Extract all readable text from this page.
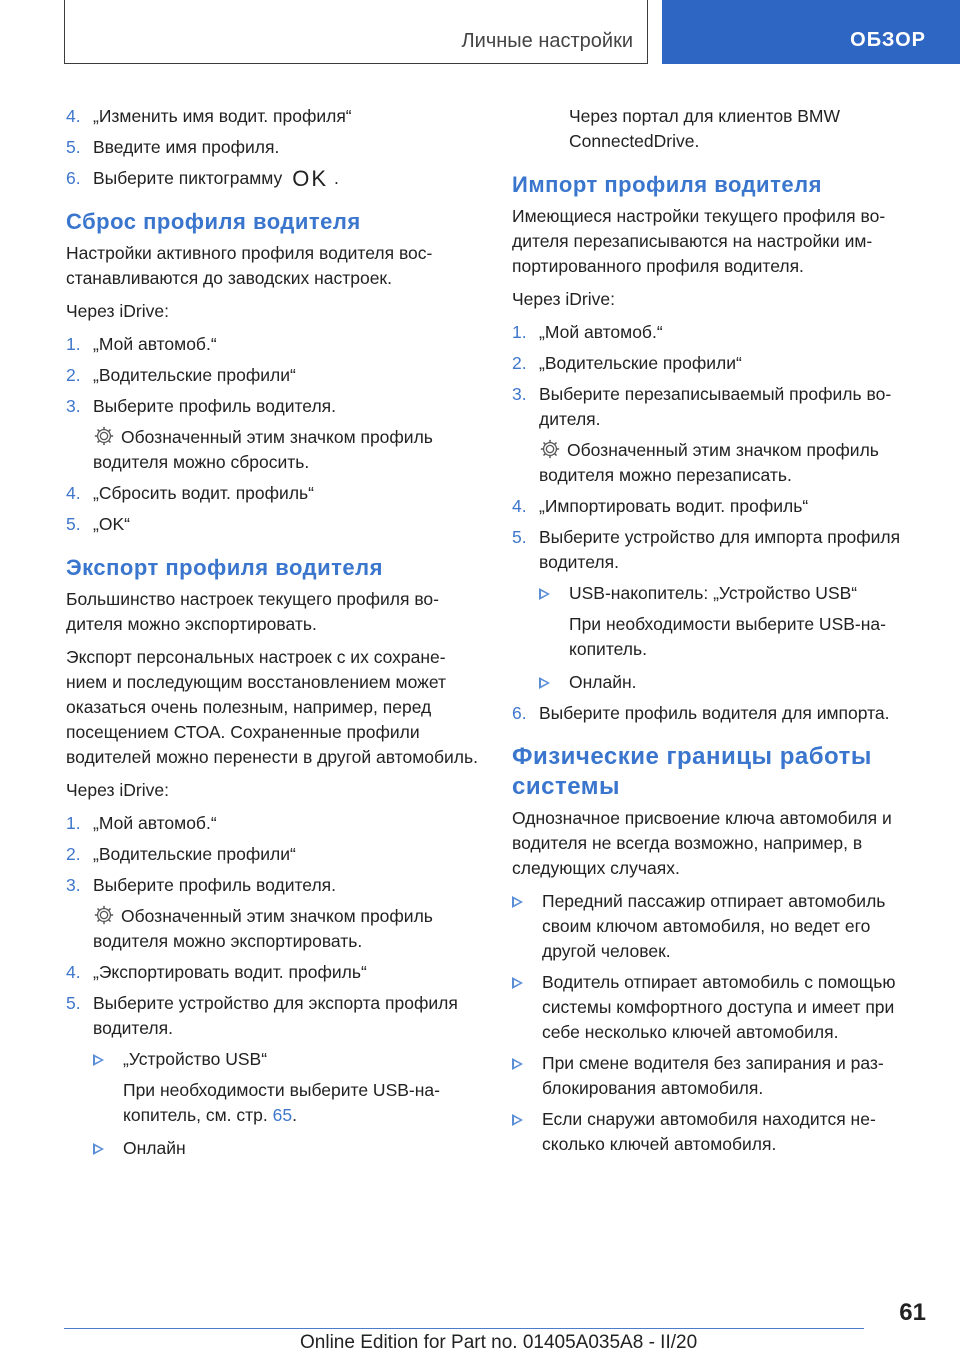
Личные настройки	ОБЗОР
4. „Изменить имя водит. профиля“
5. Введите имя профиля.
6. Выберите пиктограмму OK .
Сброс профиля водителя
Настройки активного профиля водителя восстанавливаются до заводских настроек.
Через iDrive:
1. „Мой автомоб.“
2. „Водительские профили“
3. Выберите профиль водителя.
Обозначенный этим значком профиль водителя можно сбросить.
4. „Сбросить водит. профиль“
5. „OK“
Экспорт профиля водителя
Большинство настроек текущего профиля водителя можно экспортировать.
Экспорт персональных настроек с их сохранением и последующим восстановлением может оказаться очень полезным, например, перед посещением СТОА. Сохраненные профили водителей можно перенести в другой автомобиль.
Через iDrive:
1. „Мой автомоб.“
2. „Водительские профили“
3. Выберите профиль водителя.
Обозначенный этим значком профиль водителя можно экспортировать.
4. „Экспортировать водит. профиль“
5. Выберите устройство для экспорта профиля водителя.
„Устройство USB“
При необходимости выберите USB-накопитель, см. стр. 65.
Онлайн
Через портал для клиентов BMW ConnectedDrive.
Импорт профиля водителя
Имеющиеся настройки текущего профиля водителя перезаписываются на настройки импортированного профиля водителя.
Через iDrive:
1. „Мой автомоб.“
2. „Водительские профили“
3. Выберите перезаписываемый профиль водителя.
Обозначенный этим значком профиль водителя можно перезаписать.
4. „Импортировать водит. профиль“
5. Выберите устройство для импорта профиля водителя.
USB-накопитель: „Устройство USB“
При необходимости выберите USB-накопитель.
Онлайн.
6. Выберите профиль водителя для импорта.
Физические границы работы системы
Однозначное присвоение ключа автомобиля и водителя не всегда возможно, например, в следующих случаях.
Передний пассажир отпирает автомобиль своим ключом автомобиля, но ведет его другой человек.
Водитель отпирает автомобиль с помощью системы комфортного доступа и имеет при себе несколько ключей автомобиля.
При смене водителя без запирания и разблокирования автомобиля.
Если снаружи автомобиля находится несколько ключей автомобиля.
61
Online Edition for Part no. 01405A035A8 - II/20
